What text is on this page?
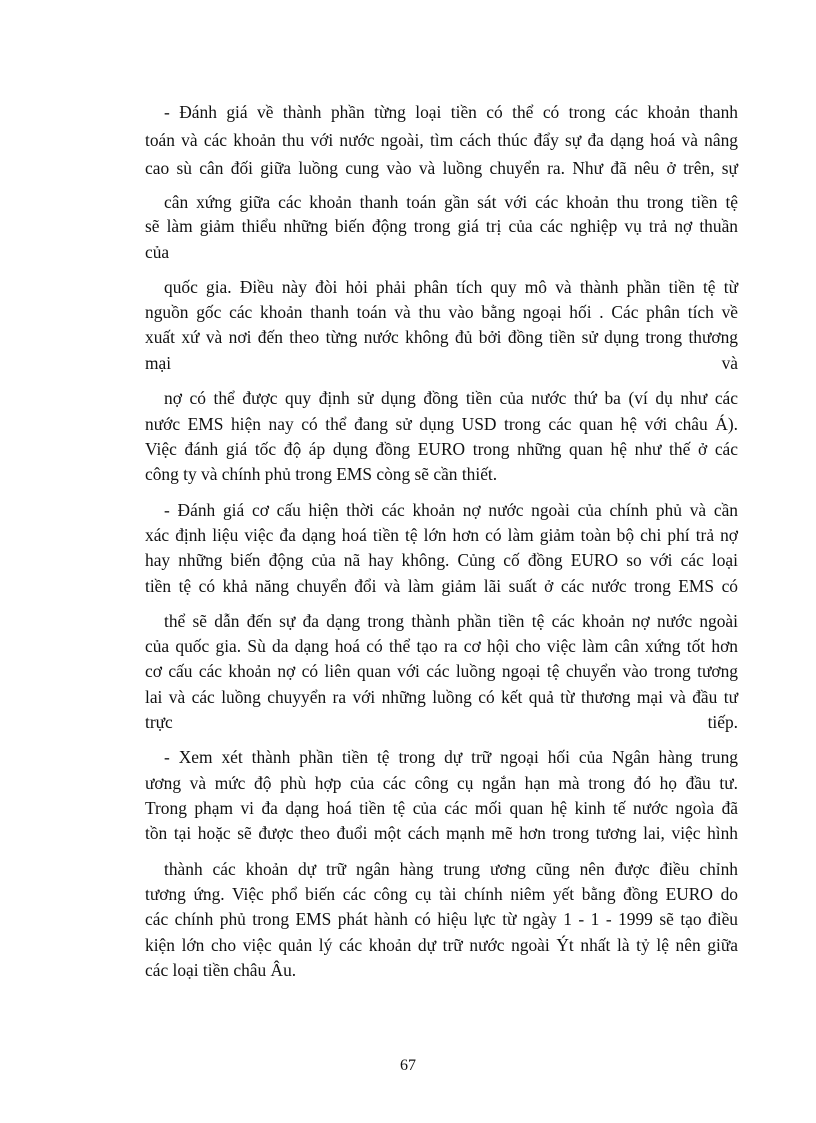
- Đánh giá về thành phần từng loại tiền có thể có trong các khoản thanh
toán và các khoản thu với nước ngoài, tìm cách thúc đẩy sự đa dạng hoá và nâng
cao sù cân đối giữa luồng cung vào và luồng chuyển ra. Như đã nêu ở trên, sự
cân xứng giữa các khoản thanh toán gần sát với các khoản thu trong tiền tệ
sẽ làm giảm thiểu những biến động trong giá trị của các nghiệp vụ trả nợ thuần
của
quốc gia. Điều này đòi hỏi phải phân tích quy mô và thành phần tiền tệ từ
nguồn gốc các khoản thanh toán và thu vào bằng ngoại hối . Các phân tích về
xuất xứ và nơi đến theo từng nước không đủ bởi đồng tiền sử dụng trong thương
mại	và
nợ có thể được quy định sử dụng đồng tiền của nước thứ ba (ví dụ như các
nước EMS hiện nay có thể đang sử dụng USD trong các quan hệ với châu Á).
Việc đánh giá tốc độ áp dụng đồng EURO trong những quan hệ như thế ở các
công ty và chính phủ trong EMS còng sẽ cần thiết.
- Đánh giá cơ cấu hiện thời các khoản nợ nước ngoài của chính phủ và cần
xác định liệu việc đa dạng hoá tiền tệ lớn hơn có làm giảm toàn bộ chi phí trả nợ
hay những biến động của nã hay không. Củng cố đồng EURO so với các loại
tiền tệ có khả năng chuyển đổi và làm giảm lãi suất ở các nước trong EMS có
thể sẽ dẫn đến sự đa dạng trong thành phần tiền tệ các khoản nợ nước ngoài
của quốc gia. Sù da dạng hoá có thể tạo ra cơ hội cho việc làm cân xứng tốt hơn
cơ cấu các khoản nợ có liên quan với các luồng ngoại tệ chuyển vào trong tương
lai và các luồng chuyyển ra với những luồng có kết quả từ thương mại và đầu tư
trực	tiếp.
- Xem xét thành phần tiền tệ trong dự trữ ngoại hối của Ngân hàng trung
ương và mức độ phù hợp của các công cụ ngắn hạn mà trong đó họ đầu tư.
Trong phạm vi đa dạng hoá tiền tệ của các mối quan hệ kinh tế nước ngoìa đã
tồn tại hoặc sẽ được theo đuổi một cách mạnh mẽ hơn trong tương lai, việc hình
thành các khoản dự trữ ngân hàng trung ương cũng nên được điều chỉnh
tương ứng. Việc phổ biến các công cụ tài chính niêm yết bằng đồng EURO do
các chính phủ trong EMS phát hành có hiệu lực từ ngày 1 - 1 - 1999 sẽ tạo điều
kiện lớn cho việc quản lý các khoản dự trữ nước ngoài Ýt nhất là tỷ lệ nên giữa
các loại tiền châu Âu.
67
